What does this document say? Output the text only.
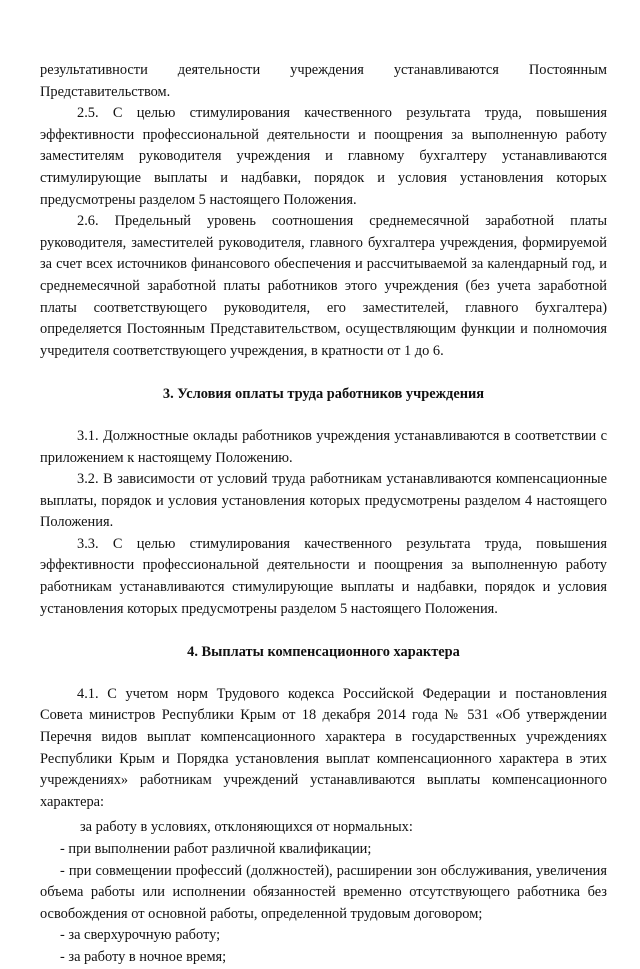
результативности деятельности учреждения устанавливаются Постоянным Представительством.

2.5. С целью стимулирования качественного результата труда, повышения эффективности профессиональной деятельности и поощрения за выполненную работу заместителям руководителя учреждения и главному бухгалтеру устанавливаются стимулирующие выплаты и надбавки, порядок и условия установления которых предусмотрены разделом 5 настоящего Положения.

2.6. Предельный уровень соотношения среднемесячной заработной платы руководителя, заместителей руководителя, главного бухгалтера учреждения, формируемой за счет всех источников финансового обеспечения и рассчитываемой за календарный год, и среднемесячной заработной платы работников этого учреждения (без учета заработной платы соответствующего руководителя, его заместителей, главного бухгалтера) определяется Постоянным Представительством, осуществляющим функции и полномочия учредителя соответствующего учреждения, в кратности от 1 до 6.

3. Условия оплаты труда работников учреждения

3.1. Должностные оклады работников учреждения устанавливаются в соответствии с приложением к настоящему Положению.

3.2. В зависимости от условий труда работникам устанавливаются компенсационные выплаты, порядок и условия установления которых предусмотрены разделом 4 настоящего Положения.

3.3. С целью стимулирования качественного результата труда, повышения эффективности профессиональной деятельности и поощрения за выполненную работу работникам устанавливаются стимулирующие выплаты и надбавки, порядок и условия установления которых предусмотрены разделом 5 настоящего Положения.

4. Выплаты компенсационного характера

4.1. С учетом норм Трудового кодекса Российской Федерации и постановления Совета министров Республики Крым от 18 декабря 2014 года № 531 «Об утверждении Перечня видов выплат компенсационного характера в государственных учреждениях Республики Крым и Порядка установления выплат компенсационного характера в этих учреждениях» работникам учреждений устанавливаются выплаты компенсационного характера:

за работу в условиях, отклоняющихся от нормальных:

- при выполнении работ различной квалификации;

- при совмещении профессий (должностей), расширении зон обслуживания, увеличения объема работы или исполнении обязанностей временно отсутствующего работника без освобождения от основной работы, определенной трудовым договором;

- за сверхурочную работу;

- за работу в ночное время;
